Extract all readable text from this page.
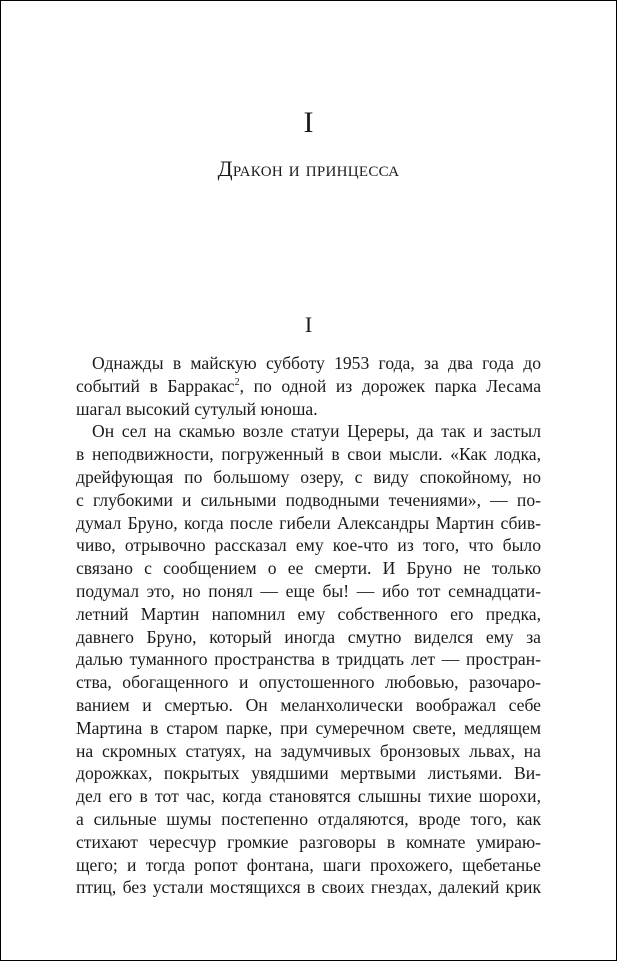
I
Дракон и принцесса
I
Однажды в майскую субботу 1953 года, за два года до
событий в Барракас$^2$, по одной из дорожек парка Лесама
шагал высокий сутулый юноша.
Он сел на скамью возле статуи Цереры, да так и застыл
в неподвижности, погруженный в свои мысли. «Как лодка,
дрейфующая по большому озеру, с виду спокойному, но
с глубокими и сильными подводными течениями», — по-
думал Бруно, когда после гибели Александры Мартин сбив-
чиво, отрывочно рассказал ему кое-что из того, что было
связано с сообщением о ее смерти. И Бруно не только
подумал это, но понял — еще бы! — ибо тот семнадцати-
летний Мартин напомнил ему собственного его предка,
давнего Бруно, который иногда смутно виделся ему за
далью туманного пространства в тридцать лет — простран-
ства, обогащенного и опустошенного любовью, разочаро-
ванием и смертью. Он меланхолически воображал себе
Мартина в старом парке, при сумеречном свете, медлящем
на скромных статуях, на задумчивых бронзовых львах, на
дорожках, покрытых увядшими мертвыми листьями. Ви-
дел его в тот час, когда становятся слышны тихие шорохи,
а сильные шумы постепенно отдаляются, вроде того, как
стихают чересчур громкие разговоры в комнате умираю-
щего; и тогда ропот фонтана, шаги прохожего, щебетанье
птиц, без устали мостящихся в своих гнездах, далекий крик
